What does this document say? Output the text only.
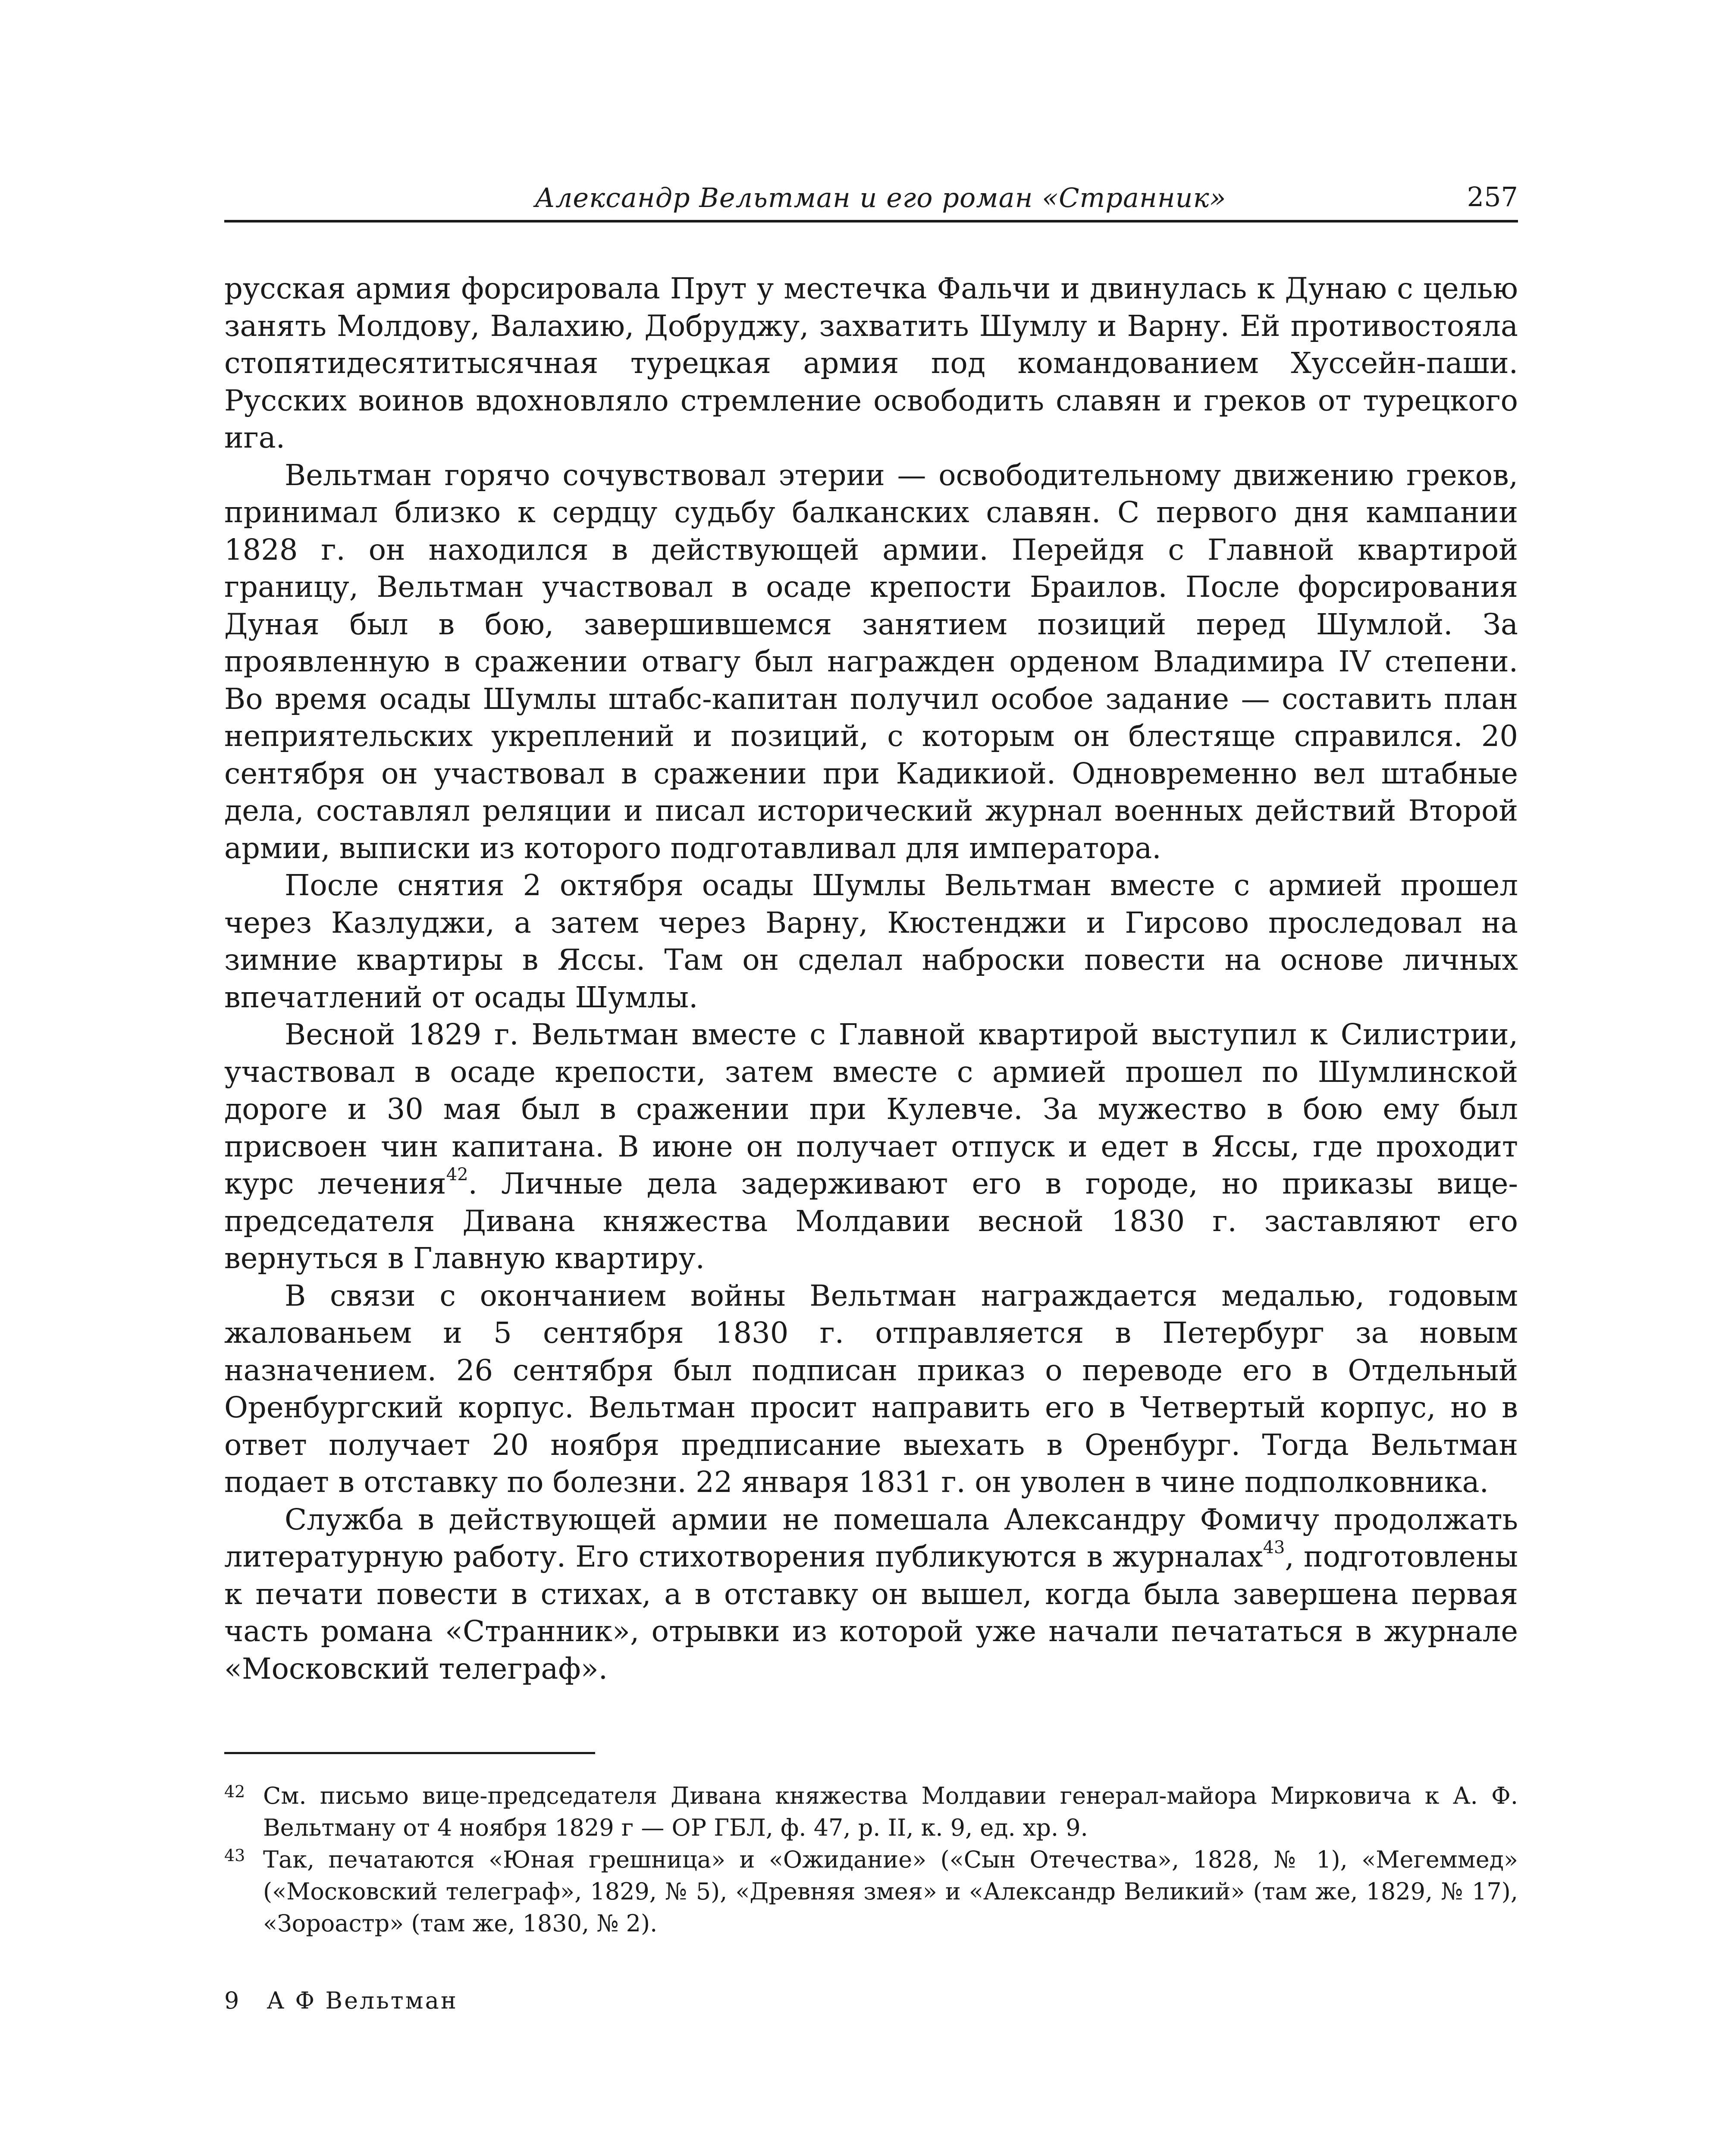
Александр Вельтман и его роман «Странник»	257

русская армия форсировала Прут у местечка Фальчи и двинулась к Дунаю с целью занять Молдову, Валахию, Добруджу, захватить Шумлу и Варну. Ей противостояла стопятидесятитысячная турецкая армия под командованием Хуссейн-паши. Русских воинов вдохновляло стремление освободить славян и греков от турецкого ига.

Вельтман горячо сочувствовал этерии — освободительному движению греков, принимал близко к сердцу судьбу балканских славян. С первого дня кампании 1828 г. он находился в действующей армии. Перейдя с Главной квартирой границу, Вельтман участвовал в осаде крепости Браилов. После форсирования Дуная был в бою, завершившемся занятием позиций перед Шумлой. За проявленную в сражении отвагу был награжден орденом Владимира IV степени. Во время осады Шумлы штабс-капитан получил особое задание — составить план неприятельских укреплений и позиций, с которым он блестяще справился. 20 сентября он участвовал в сражении при Кадикиой. Одновременно вел штабные дела, составлял реляции и писал исторический журнал военных действий Второй армии, выписки из которого подготавливал для императора.

После снятия 2 октября осады Шумлы Вельтман вместе с армией прошел через Казлуджи, а затем через Варну, Кюстенджи и Гирсово проследовал на зимние квартиры в Яссы. Там он сделал наброски повести на основе личных впечатлений от осады Шумлы.

Весной 1829 г. Вельтман вместе с Главной квартирой выступил к Силистрии, участвовал в осаде крепости, затем вместе с армией прошел по Шумлинской дороге и 30 мая был в сражении при Кулевче. За мужество в бою ему был присвоен чин капитана. В июне он получает отпуск и едет в Яссы, где проходит курс лечения$^{42}$. Личные дела задерживают его в городе, но приказы вице-председателя Дивана княжества Молдавии весной 1830 г. заставляют его вернуться в Главную квартиру.

В связи с окончанием войны Вельтман награждается медалью, годовым жалованьем и 5 сентября 1830 г. отправляется в Петербург за новым назначением. 26 сентября был подписан приказ о переводе его в Отдельный Оренбургский корпус. Вельтман просит направить его в Четвертый корпус, но в ответ получает 20 ноября предписание выехать в Оренбург. Тогда Вельтман подает в отставку по болезни. 22 января 1831 г. он уволен в чине подполковника.

Служба в действующей армии не помешала Александру Фомичу продолжать литературную работу. Его стихотворения публикуются в журналах$^{43}$, подготовлены к печати повести в стихах, а в отставку он вышел, когда была завершена первая часть романа «Странник», отрывки из которой уже начали печататься в журнале «Московский телеграф».

42 См. письмо вице-председателя Дивана княжества Молдавии генерал-майора Мирковича к А. Ф. Вельтману от 4 ноября 1829 г — ОР ГБЛ, ф. 47, р. II, к. 9, ед. хр. 9.

43 Так, печатаются «Юная грешница» и «Ожидание» («Сын Отечества», 1828, № 1), «Мегеммед» («Московский телеграф», 1829, № 5), «Древняя змея» и «Александр Великий» (там же, 1829, № 17), «Зороастр» (там же, 1830, № 2).

9 А Ф Вельтман
